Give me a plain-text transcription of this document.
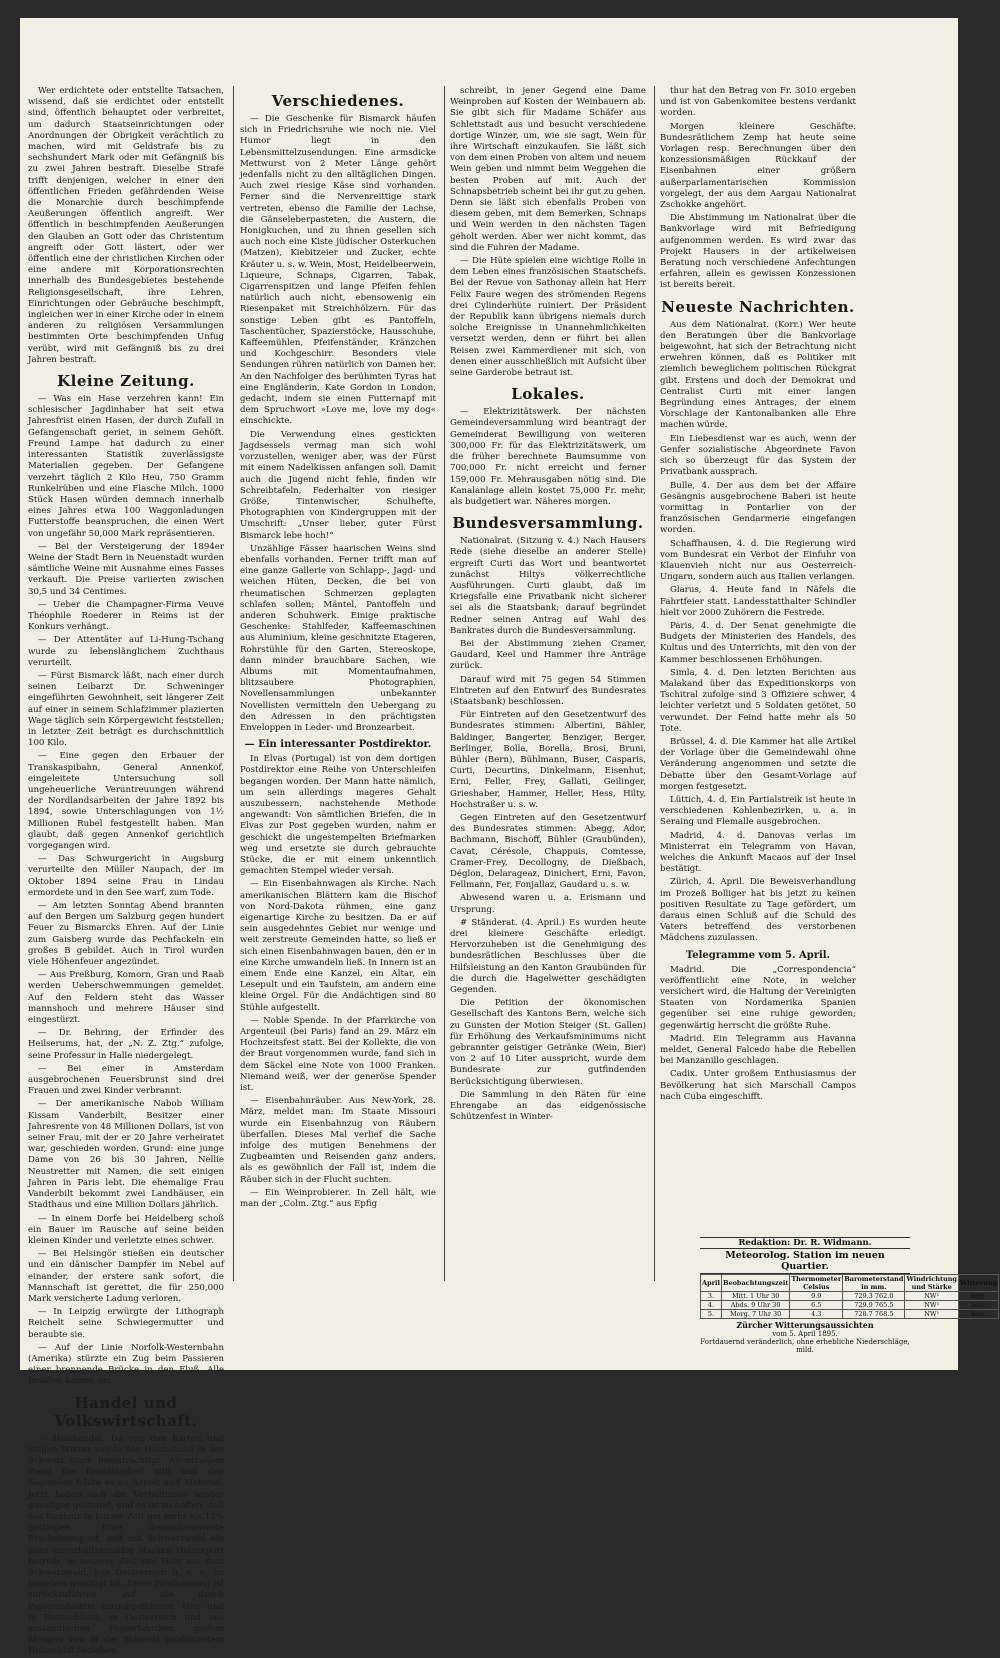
Wer erdichtete oder entstellte Tatsachen, wissend, daß sie erdichtet oder entstellt sind, öffentlich behauptet oder verbreitet, um dadurch Staatseinrichtungen oder Anordnungen der Obrigkeit verächtlich zu machen, wird mit Geldstrafe bis zu sechshundert Mark oder mit Gefängniß bis zu zwei Jahren bestraft. Dieselbe Strafe trifft denjenigen, welcher in einer den öffentlichen Frieden gefährdenden Weise die Monarchie durch beschimpfende Aeußerungen öffentlich angreift. Wer öffentlich in beschimpfenden Aeußerungen den Glauben an Gott oder das Christentum angreift oder Gott lästert, oder wer öffentlich eine der christlichen Kirchen oder eine andere mit Korporationsrechten innerhalb des Bundesgebietes bestehende Religionsgesellschaft, ihre Lehren, Einrichtungen oder Gebräuche beschimpft, ingleichen wer in einer Kirche oder in einem anderen zu religiösen Versammlungen bestimmten Orte beschimpfenden Unfug verübt, wird mit Gefängniß bis zu drei Jahren bestraft.

Kleine Zeitung.

— Was ein Hase verzehren kann! Ein schlesischer Jagdinhaber hat seit etwa Jahresfrist einen Hasen, der durch Zufall in Gefangenschaft geriet, in seinem Gehöft. Freund Lampe hat dadurch zu einer interessanten Statistik zuverlässigste Materialien gegeben. Der Gefangene verzehrt täglich 2 Kilo Heu, 750 Gramm Runkelrüben und eine Flasche Milch. 1000 Stück Hasen würden demnach innerhalb eines Jahres etwa 100 Waggonladungen Futterstoffe beanspruchen, die einen Wert von ungefähr 50,000 Mark repräsentieren.

— Bei der Versteigerung der 1894er Weine der Stadt Bern in Neuenstadt wurden sämtliche Weine mit Ausnahme eines Fasses verkauft. Die Preise variierten zwischen 30,5 und 34 Centimes.

— Ueber die Champagner-Firma Veuve Théophile Roederer in Reims ist der Konkurs verhängt.

— Der Attentäter auf Li-Hung-Tschang wurde zu lebenslänglichem Zuchthaus verurteilt.

— Fürst Bismarck läßt, nach einer durch seinen Leibarzt Dr. Schweninger eingeführten Gewohnheit, seit längerer Zeit auf einer in seinem Schlafzimmer plazierten Wage täglich sein Körpergewicht feststellen; in letzter Zeit beträgt es durchschnittlich 100 Kilo.

— Eine gegen den Erbauer der Transkaspibahn, General Annenkof, eingeleitete Untersuchung soll ungeheuerliche Veruntreuungen während der Nordlandsarbeiten der Jahre 1892 bis 1894, sowie Unterschlagungen von 1½ Millionen Rubel festgestellt haben. Man glaubt, daß gegen Annenkof gerichtlich vorgegangen wird.

— Das Schwurgericht in Augsburg verurteilte den Müller Naupach, der im Oktober 1894 seine Frau in Lindau ermordete und in den See warf, zum Tode.

— Am letzten Sonntag Abend brannten auf den Bergen um Salzburg gegen hundert Feuer zu Bismarcks Ehren. Auf der Linie zum Gaisberg wurde das Pechfackeln ein großes B gebildet. Auch in Tirol wurden viele Höhenfeuer angezündet.

— Aus Preßburg, Komorn, Gran und Raab werden Ueberschwemmungen gemeldet. Auf den Feldern steht das Wasser mannshoch und mehrere Häuser sind eingestürzt.

— Dr. Behring, der Erfinder des Heilserums, hat, der „N. Z. Ztg.“ zufolge, seine Professur in Halle niedergelegt.

— Bei einer in Amsterdam ausgebrochenen Feuersbrunst sind drei Frauen und zwei Kinder verbrannt.

— Der amerikanische Nabob William Kissam Vanderbilt, Besitzer einer Jahresrente von 48 Millionen Dollars, ist von seiner Frau, mit der er 20 Jahre verheiratet war, geschieden worden. Grund: eine junge Dame von 26 bis 30 Jahren, Nellie Neustretter mit Namen, die seit einigen Jahren in Paris lebt. Die ehemalige Frau Vanderbilt bekommt zwei Landhäuser, ein Stadthaus und eine Million Dollars jährlich.

— In einem Dorfe bei Heidelberg schoß ein Bauer im Rausche auf seine beiden kleinen Kinder und verletzte eines schwer.

— Bei Helsingör stießen ein deutscher und ein dänischer Dampfer im Nebel auf einander, der erstere sank sofort, die Mannschaft ist gerettet, die für 250,000 Mark versicherte Ladung verloren.

— In Leipzig erwürgte der Lithograph Reichelt seine Schwiegermutter und beraubte sie.

— Auf der Linie Norfolk-Westernbahn (Amerika) stürzte ein Zug beim Passieren einer brennende Brücke in den Fluß. Alle Insaßen kamen um.

Handel und Volkswirtschaft.

— Holzhandel. Da von den harten und langen Winter werde der Holzhandel in der Schweiz stark beeinträchtigt. Allenthalben stand die Baustätigkeit still und den Sägereien fehlte es an Arbeit und Material. Jetzt haben sich die Verhältnisse wieder günstiger gestaltet, und es ist zu hoffen, daß das Bauholz in kurzer Zeit um mehr als 15% gestiegen. Eine bemerkenswerte Erscheinung ist, daß mit Schwarzwald ein ganz unverhältnismäßig starken Holzexport betreib, in neuerer Zeit viel Holz aus dem Schwarzwald, aus Oesterreich u. s. w. zu beziehen genötigt ist. Diese Erscheinung ist zurückzuführen auf die durch Papierindustrie zurückgeführten. Hier und in Deutschland, in Oesterreich und aus ausländischen Papierfabriken großen Mengen von in der Schweiz produziertem Holzschliff beziehen.

Verschiedenes.

— Die Geschenke für Bismarck häufen sich in Friedrichsruhe wie noch nie. Viel Humor liegt in den Lebensmittelzusendungen. Eine armsdicke Mettwurst von 2 Meter Länge gehört jedenfalls nicht zu den alltäglichen Dingen. Auch zwei riesige Käse sind vorhanden. Ferner sind die Nervenreittige stark vertreten, ebenso die Familie der Lachse, die Gänseleberpasteten, die Austern, die Honigkuchen, und zu ihnen gesellen sich auch noch eine Kiste jüdischer Osterkuchen (Matzen), Kiebitzeier und Zucker, echte Kräuter u. s. w. Wein, Most, Heidelbeerwein, Liqueure, Schnaps, Cigarren, Tabak, Cigarrenspitzen und lange Pfeifen fehlen natürlich auch nicht, ebensowenig ein Riesenpaket mit Streichhölzern. Für das sonstige Leben gibt es Pantoffeln, Taschentücher, Spazierstöcke, Hausschuhe, Kaffeemühlen, Pfeifenständer, Kränzchen und Kochgeschirr. Besonders viele Sendungen rühren natürlich von Damen her. An den Nachfolger des berühmten Tyras hat eine Engländerin, Kate Gordon in London, gedacht, indem sie einen Futternapf mit dem Spruchwort »Love me, love my dog« einschickte.

Die Verwendung eines gestickten Jagdsessels vermag man sich wohl vorzustellen, weniger aber, was der Fürst mit einem Nadelkissen anfangen soll. Damit auch die Jugend nicht fehle, finden wir Schreibtafeln, Federhalter von riesiger Größe, Tintenwischer, Schulhefte, Photographien von Kindergruppen mit der Umschrift: „Unser lieber, guter Fürst Bismarck lebe hoch!“

Unzählige Fässer haarischen Weins sind ebenfalls vorhanden. Ferner trifft man auf eine ganze Gallerie von Schlapp-, Jagd- und weichen Hüten, Decken, die bei von rheumatischen Schmerzen geplagten schlafen sollen; Mäntel, Pantoffeln und anderen Schuhwerk. Einige praktische Geschenke: Stahlfeder, Kaffeemaschinen aus Aluminium, kleine geschnitzte Etageren, Rohrstühle für den Garten, Stereoskope, dann minder brauchbare Sachen, wie Albums mit Momentaufnahmen, blitzsaubere Photographien, Novellensammlungen unbekannter Novellisten vermitteln den Uebergang zu den Adressen in den prächtigsten Enveloppen in Leder- und Bronzearbeit.

— Ein interessanter Postdirektor.

In Elvas (Portugal) ist von dem dortigen Postdirektor eine Reihe von Unterschleifen begangen worden. Der Mann hatte nämlich, um sein allerdings mageres Gehalt auszubessern, nachstehende Methode angewandt: Von sämtlichen Briefen, die in Elvas zur Post gegeben wurden, nahm er geschickt die ungestempelten Briefmarken weg und ersetzte sie durch gebrauchte Stücke, die er mit einem unkenntlich gemachten Stempel wieder versah.

— Ein Eisenbahnwagen als Kirche. Nach amerikanischen Blättern kam die Bischof von Nord-Dakota rühmen, eine ganz eigenartige Kirche zu besitzen. Da er auf sein ausgedehntes Gebiet nur wenige und weit zerstreute Gemeinden hatte, so ließ er sich einen Eisenbahnwagen bauen, den er in eine Kirche umwandeln ließ. In Innern ist an einem Ende eine Kanzel, ein Altar, ein Lesepult und ein Taufstein, am andern eine kleine Orgel. Für die Andächtigen sind 80 Stühle aufgestellt.

— Noble Spende. In der Pfarrkirche von Argenteuil (bei Paris) fand an 29. März ein Hochzeitsfest statt. Bei der Kollekte, die von der Braut vorgenommen wurde, fand sich in dem Säckel eine Note von 1000 Franken. Niemand weiß, wer der generöse Spender ist.

— Eisenbahnräuber. Aus New-York, 28. März, meldet man: Im Staate Missouri wurde ein Eisenbahnzug von Räubern überfallen. Dieses Mal verlief die Sache infolge des mutigen Benehmens der Zugbeamten und Reisenden ganz anders, als es gewöhnlich der Fall ist, indem die Räuber sich in der Flucht suchten.

— Ein Weinprobierer. In Zell hält, wie man der „Colm. Ztg.“ aus Epfig

schreibt, in jener Gegend eine Dame Weinproben auf Kosten der Weinbauern ab. Sie gibt sich für Madame Schäfer aus Schlettstadt aus und besucht verschiedene dortige Winzer, um, wie sie sagt, Wein für ihre Wirtschaft einzukaufen. Sie läßt sich von dem einen Proben von altem und neuem Wein geben und nimmt beim Weggehen die besten Proben auf mit. Auch der Schnapsbetrieb scheint bei ihr gut zu gehen. Denn sie läßt sich ebenfalls Proben von diesem geben, mit dem Bemerken, Schnaps und Wein werden in den nächsten Tagen geholt werden. Aber wer nicht kommt, das sind die Fuhren der Madame.

— Die Hüte spielen eine wichtige Rolle in dem Leben eines französischen Staatschefs. Bei der Revue von Sathonay allein hat Herr Felix Faure wegen des strömenden Regens drei Cylinderhüte ruiniert. Der Präsident der Republik kann übrigens niemals durch solche Ereignisse in Unannehmlichkeiten versetzt werden, denn er führt bei allen Reisen zwei Kammerdiener mit sich, von denen einer ausschließlich mit Aufsicht über seine Garderobe betraut ist.

Lokales.

— Elektrizitätswerk. Der nächsten Gemeindeversammlung wird beantragt der Gemeinderat Bewilligung von weiteren 300,000 Fr. für das Elektrizitätswerk, um die früher berechnete Baumsumme von 700,000 Fr. nicht erreicht und ferner 159,000 Fr. Mehrausgaben nötig sind. Die Kanalanlage allein kostet 75,000 Fr. mehr, als budgetiert war. Näheres morgen.

Bundesversammlung.

Nationalrat. (Sitzung v. 4.) Nach Hausers Rede (siehe dieselbe an anderer Stelle) ergreift Curti das Wort und beantwortet zunächst Hiltys völkerrechtliche Ausführungen. Curti glaubt, daß im Kriegsfalle eine Privatbank nicht sicherer sei als die Staatsbank; darauf begründet Redner seinen Antrag auf Wahl des Bankrates durch die Bundesversammlung.

Bei der Abstimmung ziehen Cramer, Gaudard, Keel und Hammer ihre Anträge zurück.

Darauf wird mit 75 gegen 54 Stimmen Eintreten auf den Entwurf des Bundesrates (Staatsbank) beschlossen.

Für Eintreten auf den Gesetzentwurf des Bundesrates stimmen: Albertini, Bähler, Baldinger, Bangerter, Benziger, Berger, Berlinger, Bolla, Borella, Brosi, Bruni, Bühler (Bern), Bühlmann, Buser, Casparis, Curti, Decurtins, Dinkelmann, Eisenhut, Erni, Feller, Frey, Gallati, Geilinger, Grieshaber, Hammer, Heller, Hess, Hilty, Hochstraßer u. s. w.

Gegen Eintreten auf den Gesetzentwurf des Bundesrates stimmen: Abegg, Ador, Bachmann, Bischoff, Bühler (Graubünden), Cavat, Cérésole, Chappuis, Comtesse, Cramer-Frey, Decollogny, de Dießbach, Déglon, Delarageaz, Dinichert, Erni, Favon, Fellmann, Fer, Fonjallaz, Gaudard u. s. w.

Abwesend waren u. a. Erismann und Ursprung.

# Ständerat. (4. April.) Es wurden heute drei kleinere Geschäfte erledigt. Hervorzuheben ist die Genehmigung des bundesrätlichen Beschlusses über die Hilfsleistung an den Kanton Graubünden für die durch die Hagelwetter geschädigten Gegenden.

Die Petition der ökonomischen Gesellschaft des Kantons Bern, welche sich zu Gunsten der Motion Steiger (St. Gallen) für Erhöhung des Verkaufsminimums nicht gebrannter geistiger Getränke (Wein, Bier) von 2 auf 10 Liter ausspricht, wurde dem Bundesrate zur gutfindenden Berücksichtigung überwiesen.

Die Sammlung in den Räten für eine Ehrengabe an das eidgenössische Schützenfest in Winter-

thur hat den Betrag von Fr. 3010 ergeben und ist von Gabenkomitee bestens verdankt worden.

Morgen kleinere Geschäfte. Bundesrätlichem Zemp hat heute seine Vorlagen resp. Berechnungen über den konzessionsmäßigen Rückkauf der Eisenbahnen einer größern außerparlamentarischen Kommission vorgelegt, der aus dem Aargau Nationalrat Zschokke angehört.

Die Abstimmung im Nationalrat über die Bankvorlage wird mit Befriedigung aufgenommen werden. Es wird zwar das Projekt Hausers in der artikelweisen Beratung noch verschiedene Anfechtungen erfahren, allein es gewissen Konzessionen ist bereits bereit.

Neueste Nachrichten.

Aus dem Nationalrat. (Korr.) Wer heute den Beratungen über die Bankvorlage beigewohnt, hat sich der Betrachtung nicht erwehren können, daß es Politiker mit ziemlich beweglichem politischen Rückgrat gibt. Erstens und doch der Demokrat und Centralist Curti mit einer langen Begründung eines Antrages, der einem Vorschlage der Kantonalbanken alle Ehre machen würde.

Ein Liebesdienst war es auch, wenn der Genfer sozialistische Abgeordnete Favon sich so überzeugt für das System der Privatbank aussprach.

Bulle, 4. Der aus dem bei der Affaire Gesängnis ausgebrochene Baberi ist heute vormittag in Pontarlier von der französischen Gendarmerie eingefangen worden.

Schaffhausen, 4. d. Die Regierung wird vom Bundesrat ein Verbot der Einfuhr von Klauenvieh nicht nur aus Oesterreich-Ungarn, sondern auch aus Italien verlangen.

Glarus, 4. Heute fand in Näfels die Fahrtfeier statt. Landesstatthalter Schindler hielt vor 2000 Zuhörern die Festrede.

Paris, 4. d. Der Senat genehmigte die Budgets der Ministerien des Handels, des Kultus und des Unterrichts, mit den von der Kammer beschlossenen Erhöhungen.

Simla, 4. d. Den letzten Berichten aus Malakand über das Expeditionskorps von Tschitral zufolge sind 3 Offiziere schwer, 4 leichter verletzt und 5 Soldaten getötet, 50 verwundet. Der Feind hatte mehr als 50 Tote.

Brüssel, 4. d. Die Kammer hat alle Artikel der Vorlage über die Gemeindewahl ohne Veränderung angenommen und setzte die Debatte über den Gesamt-Vorlage auf morgen festgesetzt.

Lüttich, 4. d. Ein Partialstreik ist heute in verschiedenen Kohlenbezirken, u. a. in Seraing und Flemalle ausgebrochen.

Madrid, 4. d. Danovas verlas im Ministerrat ein Telegramm von Havan, welches die Ankunft Macaos auf der Insel bestätigt.

Zürich, 4. April. Die Beweisverhandlung im Prozeß Bolliger hat bis jetzt zu keinen positiven Resultate zu Tage gefördert, um daraus einen Schluß auf die Schuld des Vaters betreffend des verstorbenen Mädchens zuzulassen.

Telegramme vom 5. April.

Madrid. Die „Correspondencia“ veröffentlicht eine Note, in welcher versichert wird, die Haltung der Vereinigten Staaten von Nordamerika Spanien gegenüber sei eine ruhige geworden; gegenwärtig herrscht die größte Ruhe.

Madrid. Ein Telegramm aus Havanna meldet, General Falcedo habe die Rebellen bei Manzanillo geschlagen.

Cadix. Unter großem Enthusiasmus der Bevölkerung hat sich Marschall Campos nach Cuba eingeschifft.

Redaktion: Dr. R. Widmann.
Meteorolog. Station im neuen Quartier.
April	Beobachtungszeit	Thermometer Celsius	Barometerstand in mm.	Windrichtung und Stärke	Witterung
3.	Mitt. 1 Uhr 30	9.9	729.3 762.0	NW¹	bew.
4.	Abds. 9 Uhr 30	6.5	729.9 765.5	NW¹	bew.
5.	Morg. 7 Uhr 30	4.3	728.7 768.5	NW¹	bew.
Zürcher Witterungsaussichten
vom 5. April 1895.
Fortdauernd veränderlich, ohne erhebliche Niederschläge, mild.
